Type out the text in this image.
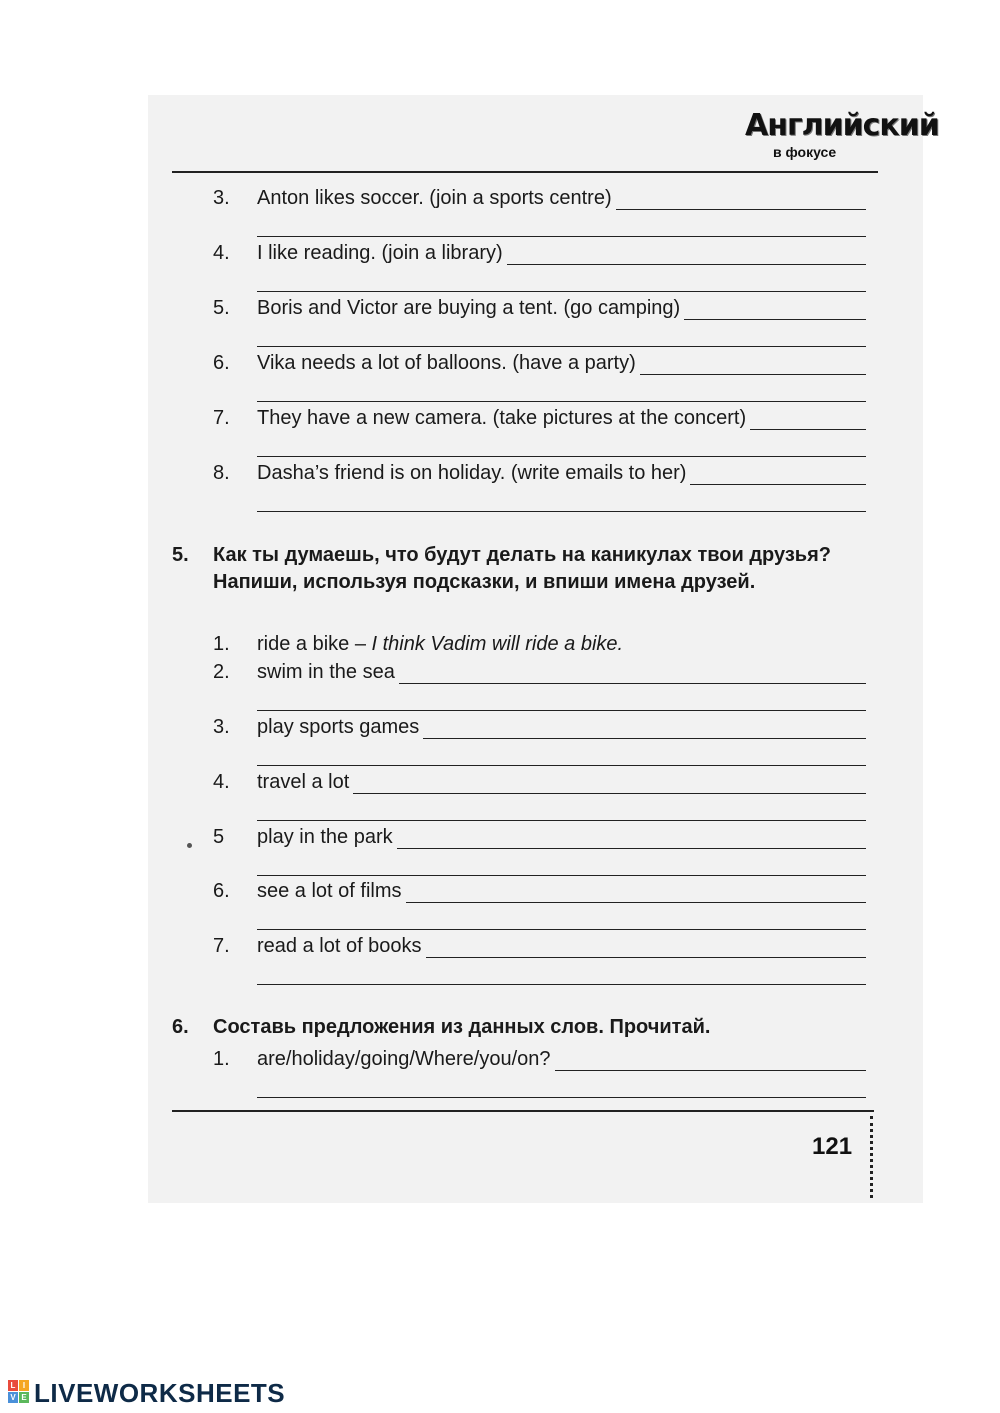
Английский
в фокусе
3. Anton likes soccer. (join a sports centre)
4. I like reading. (join a library)
5. Boris and Victor are buying a tent. (go camping)
6. Vika needs a lot of balloons. (have a party)
7. They have a new camera. (take pictures at the concert)
8. Dasha’s friend is on holiday. (write emails to her)
5. Как ты думаешь, что будут делать на каникулах твои друзья? Напиши, используя подсказки, и впиши имена друзей.
1. ride a bike – I think Vadim will ride a bike.
2. swim in the sea
3. play sports games
4. travel a lot
5 play in the park
6. see a lot of films
7. read a lot of books
6. Составь предложения из данных слов. Прочитай.
1. are/holiday/going/Where/you/on?
121
L I
V E LIVEWORKSHEETS
